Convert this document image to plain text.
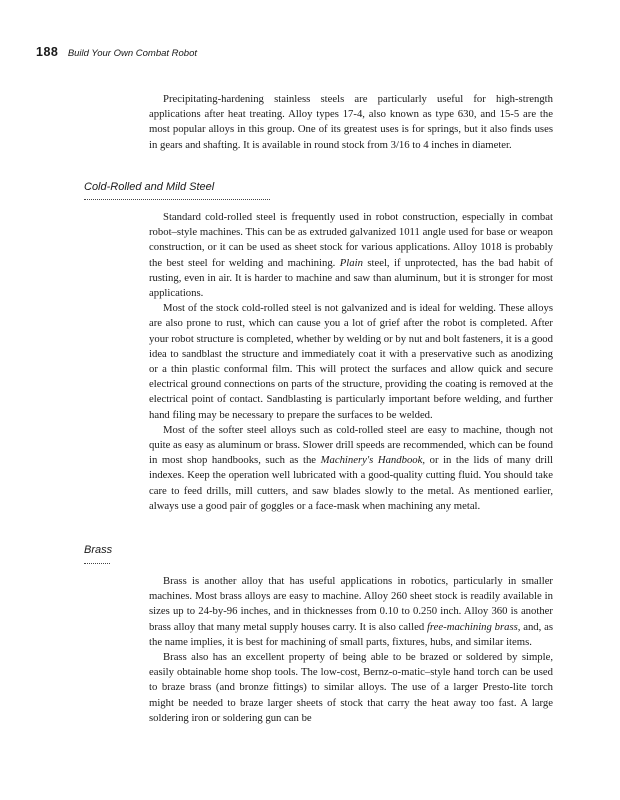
188 Build Your Own Combat Robot

Precipitating-hardening stainless steels are particularly useful for high-strength applications after heat treating. Alloy types 17-4, also known as type 630, and 15-5 are the most popular alloys in this group. One of its greatest uses is for springs, but it also finds uses in gears and shafting. It is available in round stock from 3/16 to 4 inches in diameter.

Cold-Rolled and Mild Steel

Standard cold-rolled steel is frequently used in robot construction, especially in combat robot–style machines. This can be as extruded galvanized 1011 angle used for base or weapon construction, or it can be used as sheet stock for various applications. Alloy 1018 is probably the best steel for welding and machining. Plain steel, if unprotected, has the bad habit of rusting, even in air. It is harder to machine and saw than aluminum, but it is stronger for most applications.

Most of the stock cold-rolled steel is not galvanized and is ideal for welding. These alloys are also prone to rust, which can cause you a lot of grief after the robot is completed. After your robot structure is completed, whether by welding or by nut and bolt fasteners, it is a good idea to sandblast the structure and immediately coat it with a preservative such as anodizing or a thin plastic conformal film. This will protect the surfaces and allow quick and secure electrical ground connections on parts of the structure, providing the coating is removed at the electrical point of contact. Sandblasting is particularly important before welding, and further hand filing may be necessary to prepare the surfaces to be welded.

Most of the softer steel alloys such as cold-rolled steel are easy to machine, though not quite as easy as aluminum or brass. Slower drill speeds are recommended, which can be found in most shop handbooks, such as the Machinery's Handbook, or in the lids of many drill indexes. Keep the operation well lubricated with a good-quality cutting fluid. You should take care to feed drills, mill cutters, and saw blades slowly to the metal. As mentioned earlier, always use a good pair of goggles or a face-mask when machining any metal.

Brass

Brass is another alloy that has useful applications in robotics, particularly in smaller machines. Most brass alloys are easy to machine. Alloy 260 sheet stock is readily available in sizes up to 24-by-96 inches, and in thicknesses from 0.10 to 0.250 inch. Alloy 360 is another brass alloy that many metal supply houses carry. It is also called free-machining brass, and, as the name implies, it is best for machining of small parts, fixtures, hubs, and similar items.

Brass also has an excellent property of being able to be brazed or soldered by simple, easily obtainable home shop tools. The low-cost, Bernz-o-matic–style hand torch can be used to braze brass (and bronze fittings) to similar alloys. The use of a larger Presto-lite torch might be needed to braze larger sheets of stock that carry the heat away too fast. A large soldering iron or soldering gun can be
